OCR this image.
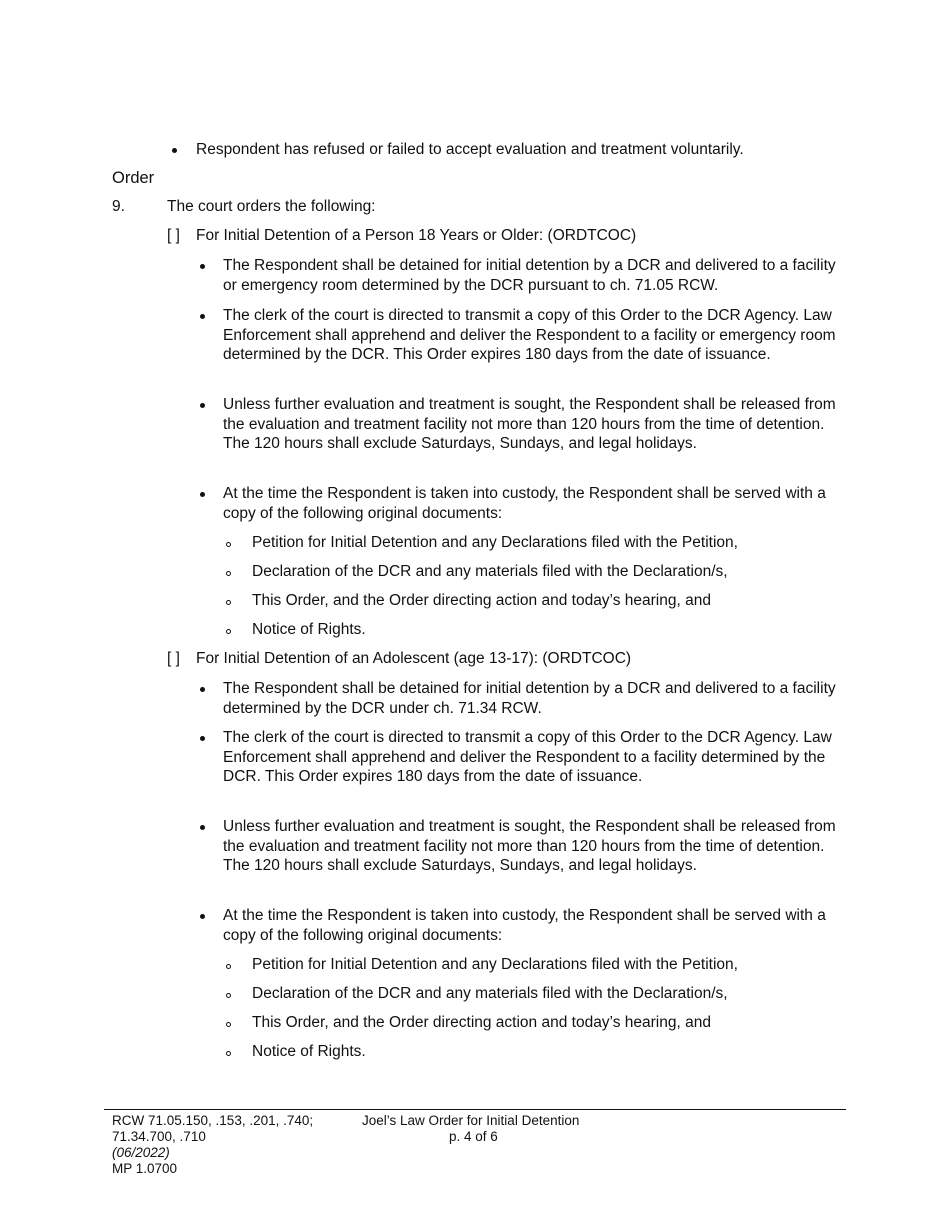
Respondent has refused or failed to accept evaluation and treatment voluntarily.
Order
9.	The court orders the following:
[ ] For Initial Detention of a Person 18 Years or Older: (ORDTCOC)
The Respondent shall be detained for initial detention by a DCR and delivered to a facility or emergency room determined by the DCR pursuant to ch. 71.05 RCW.
The clerk of the court is directed to transmit a copy of this Order to the DCR Agency. Law Enforcement shall apprehend and deliver the Respondent to a facility or emergency room determined by the DCR. This Order expires 180 days from the date of issuance.
Unless further evaluation and treatment is sought, the Respondent shall be released from the evaluation and treatment facility not more than 120 hours from the time of detention. The 120 hours shall exclude Saturdays, Sundays, and legal holidays.
At the time the Respondent is taken into custody, the Respondent shall be served with a copy of the following original documents:
Petition for Initial Detention and any Declarations filed with the Petition,
Declaration of the DCR and any materials filed with the Declaration/s,
This Order, and the Order directing action and today’s hearing, and
Notice of Rights.
[ ] For Initial Detention of an Adolescent (age 13-17): (ORDTCOC)
The Respondent shall be detained for initial detention by a DCR and delivered to a facility determined by the DCR under ch. 71.34 RCW.
The clerk of the court is directed to transmit a copy of this Order to the DCR Agency. Law Enforcement shall apprehend and deliver the Respondent to a facility determined by the DCR. This Order expires 180 days from the date of issuance.
Unless further evaluation and treatment is sought, the Respondent shall be released from the evaluation and treatment facility not more than 120 hours from the time of detention. The 120 hours shall exclude Saturdays, Sundays, and legal holidays.
At the time the Respondent is taken into custody, the Respondent shall be served with a copy of the following original documents:
Petition for Initial Detention and any Declarations filed with the Petition,
Declaration of the DCR and any materials filed with the Declaration/s,
This Order, and the Order directing action and today’s hearing, and
Notice of Rights.
RCW 71.05.150, .153, .201, .740;
71.34.700, .710
(06/2022)
MP 1.0700
Joel’s Law Order for Initial Detention
p. 4 of 6
